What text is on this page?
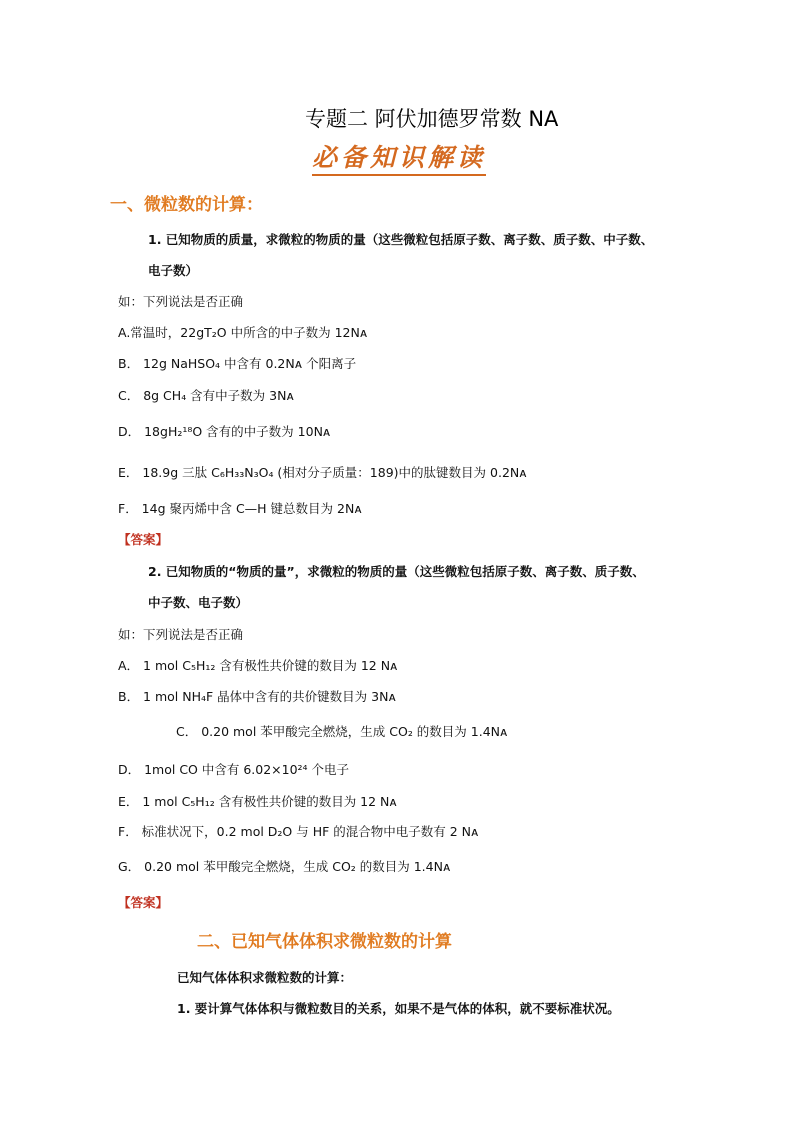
专题二 阿伏加德罗常数 NA
必备知识解读
一、微粒数的计算：
1. 已知物质的质量，求微粒的物质的量（这些微粒包括原子数、离子数、质子数、中子数、
电子数）
如：下列说法是否正确
A.常温时，22gT₂O 中所含的中子数为 12Nᴀ
B． 12g NaHSO₄ 中含有 0.2Nᴀ 个阳离子
C． 8g CH₄ 含有中子数为 3Nᴀ
D． 18gH₂¹⁸O 含有的中子数为 10Nᴀ
E． 18.9g 三肽 C₆H₃₃N₃O₄ (相对分子质量：189)中的肽键数目为 0.2Nᴀ
F． 14g 聚丙烯中含 C—H 键总数目为 2Nᴀ
【答案】
2. 已知物质的“物质的量”，求微粒的物质的量（这些微粒包括原子数、离子数、质子数、
中子数、电子数）
如：下列说法是否正确
A． 1 mol C₅H₁₂ 含有极性共价键的数目为 12 Nᴀ
B． 1 mol NH₄F 晶体中含有的共价键数目为 3Nᴀ
C． 0.20 mol 苯甲酸完全燃烧，生成 CO₂ 的数目为 1.4Nᴀ
D． 1mol CO 中含有 6.02×10²⁴ 个电子
E． 1 mol C₅H₁₂ 含有极性共价键的数目为 12 Nᴀ
F． 标准状况下，0.2 mol D₂O 与 HF 的混合物中电子数有 2 Nᴀ
G． 0.20 mol 苯甲酸完全燃烧，生成 CO₂ 的数目为 1.4Nᴀ
【答案】
二、已知气体体积求微粒数的计算
已知气体体积求微粒数的计算：
1. 要计算气体体积与微粒数目的关系，如果不是气体的体积，就不要标准状况。
